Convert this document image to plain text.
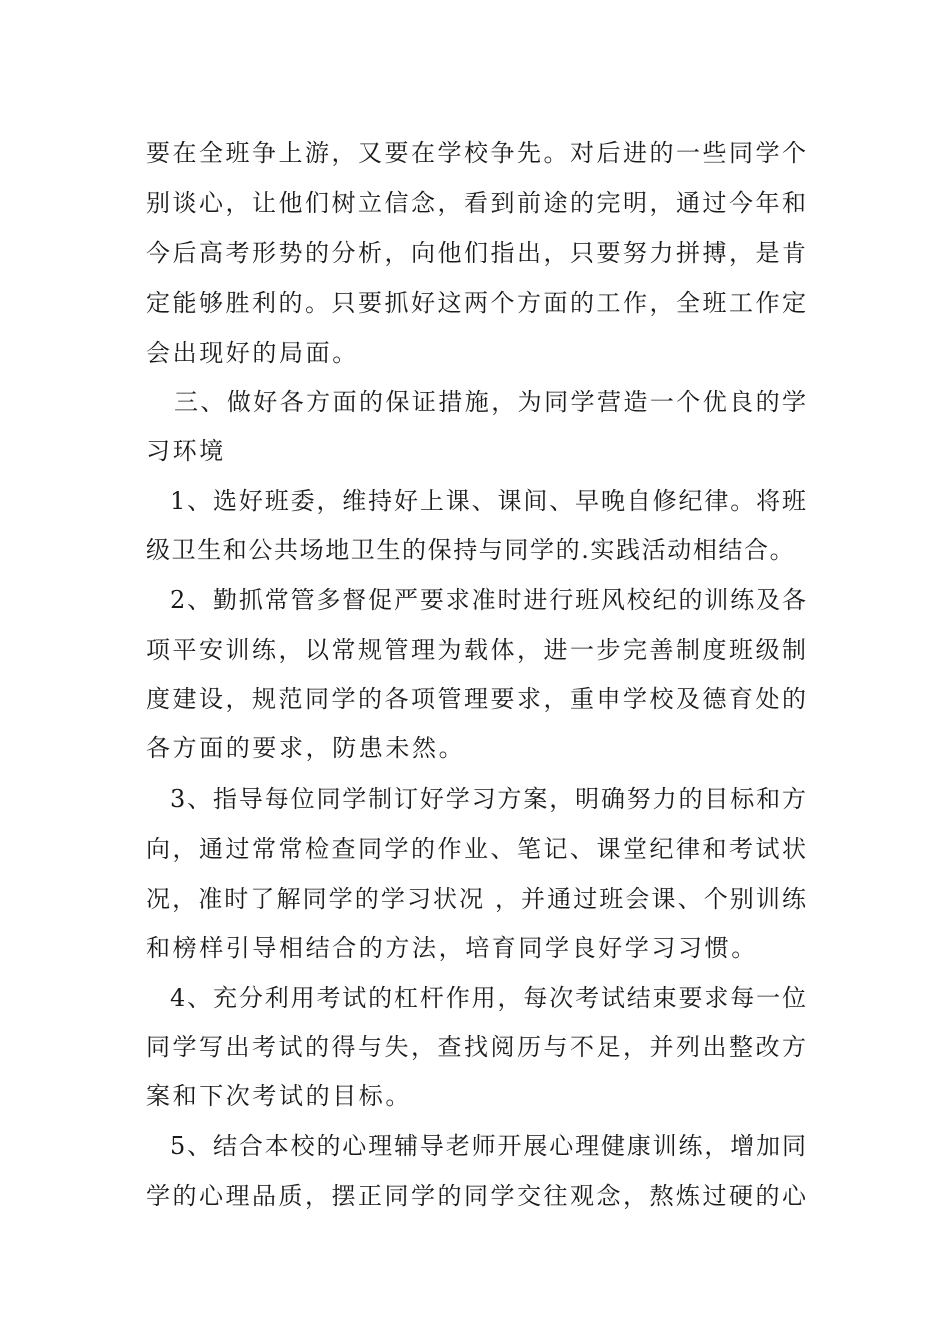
要在全班争上游，又要在学校争先。对后进的一些同学个
别谈心，让他们树立信念，看到前途的完明，通过今年和
今后高考形势的分析，向他们指出，只要努力拼搏，是肯
定能够胜利的。只要抓好这两个方面的工作，全班工作定
会出现好的局面。
三、做好各方面的保证措施，为同学营造一个优良的学
习环境
1、选好班委，维持好上课、课间、早晚自修纪律。将班
级卫生和公共场地卫生的保持与同学的.实践活动相结合。
2、勤抓常管多督促严要求准时进行班风校纪的训练及各
项平安训练，以常规管理为载体，进一步完善制度班级制
度建设，规范同学的各项管理要求，重申学校及德育处的
各方面的要求，防患未然。
3、指导每位同学制订好学习方案，明确努力的目标和方
向，通过常常检查同学的作业、笔记、课堂纪律和考试状
况，准时了解同学的学习状况 ，并通过班会课、个别训练
和榜样引导相结合的方法，培育同学良好学习习惯。
4、充分利用考试的杠杆作用，每次考试结束要求每一位
同学写出考试的得与失，查找阅历与不足，并列出整改方
案和下次考试的目标。
5、结合本校的心理辅导老师开展心理健康训练，增加同
学的心理品质，摆正同学的同学交往观念，熬炼过硬的心
